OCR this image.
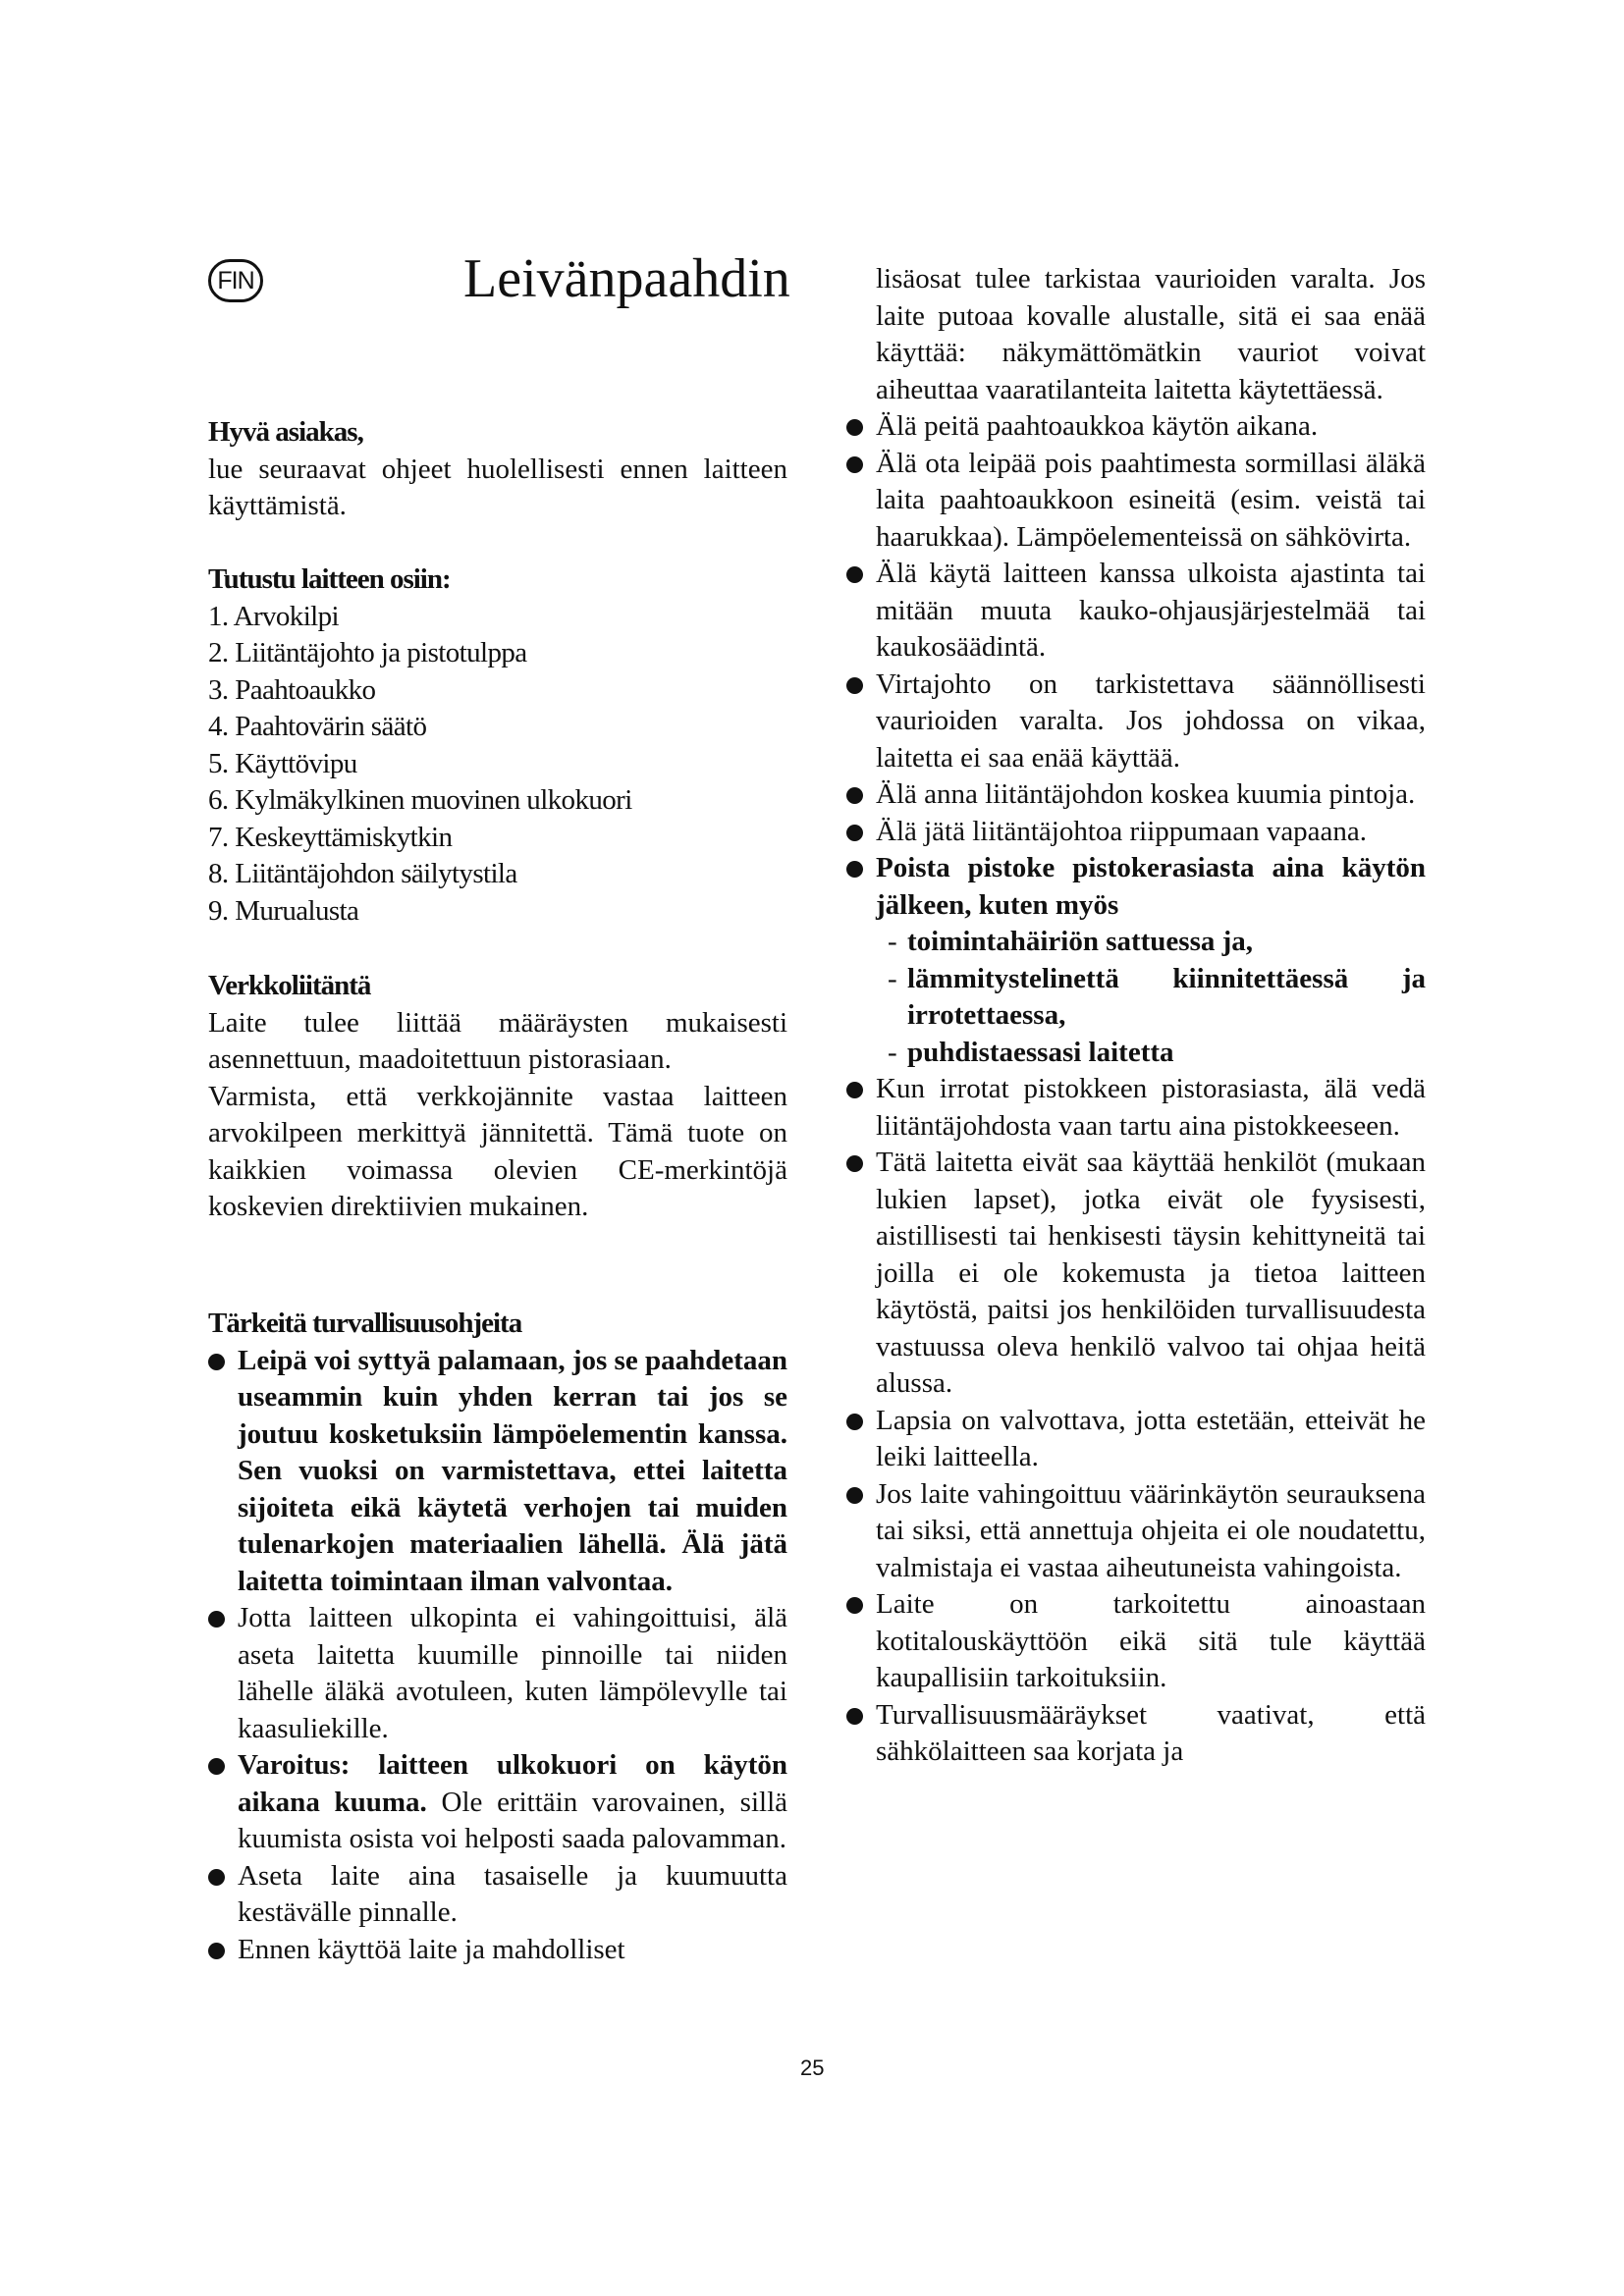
FIN	Leivänpaahdin

Hyvä asiakas,

lue seuraavat ohjeet huolellisesti ennen laitteen käyttämistä.

Tutustu laitteen osiin:

1. Arvokilpi
2. Liitäntäjohto ja pistotulppa
3. Paahtoaukko
4. Paahtovärin säätö
5. Käyttövipu
6. Kylmäkylkinen muovinen ulkokuori
7. Keskeyttämiskytkin
8. Liitäntäjohdon säilytystila
9. Murualusta

Verkkoliitäntä

Laite tulee liittää määräysten mukaisesti asennettuun, maadoitettuun pistorasiaan.

Varmista, että verkkojännite vastaa laitteen arvokilpeen merkittyä jännitettä. Tämä tuote on kaikkien voimassa olevien CE-merkintöjä koskevien direktiivien mukainen.

Tärkeitä turvallisuusohjeita

Leipä voi syttyä palamaan, jos se paahdetaan useammin kuin yhden kerran tai jos se joutuu kosketuksiin lämpöelementin kanssa. Sen vuoksi on varmistettava, ettei laitetta sijoiteta eikä käytetä verhojen tai muiden tulenarkojen materiaalien lähellä. Älä jätä laitetta toimintaan ilman valvontaa.
Jotta laitteen ulkopinta ei vahingoittuisi, älä aseta laitetta kuumille pinnoille tai niiden lähelle äläkä avotuleen, kuten lämpölevylle tai kaasuliekille.
Varoitus: laitteen ulkokuori on käytön aikana kuuma. Ole erittäin varovainen, sillä kuumista osista voi helposti saada palovamman.
Aseta laite aina tasaiselle ja kuumuutta kestävälle pinnalle.
Ennen käyttöä laite ja mahdolliset
lisäosat tulee tarkistaa vaurioiden varalta. Jos laite putoaa kovalle alustalle, sitä ei saa enää käyttää: näkymättömätkin vauriot voivat aiheuttaa vaaratilanteita laitetta käytettäessä.
Älä peitä paahtoaukkoa käytön aikana.
Älä ota leipää pois paahtimesta sormillasi äläkä laita paahtoaukkoon esineitä (esim. veistä tai haarukkaa). Lämpöelementeissä on sähkövirta.
Älä käytä laitteen kanssa ulkoista ajastinta tai mitään muuta kauko-ohjausjärjestelmää tai kaukosäädintä.
Virtajohto on tarkistettava säännöllisesti vaurioiden varalta. Jos johdossa on vikaa, laitetta ei saa enää käyttää.
Älä anna liitäntäjohdon koskea kuumia pintoja.
Älä jätä liitäntäjohtoa riippumaan vapaana.
Poista pistoke pistokerasiasta aina käytön jälkeen, kuten myös
- toimintahäiriön sattuessa ja,
- lämmitystelinettä kiinnitettäessä ja irrotettaessa,
- puhdistaessasi laitetta
Kun irrotat pistokkeen pistorasiasta, älä vedä liitäntäjohdosta vaan tartu aina pistokkeeseen.
Tätä laitetta eivät saa käyttää henkilöt (mukaan lukien lapset), jotka eivät ole fyysisesti, aistillisesti tai henkisesti täysin kehittyneitä tai joilla ei ole kokemusta ja tietoa laitteen käytöstä, paitsi jos henkilöiden turvallisuudesta vastuussa oleva henkilö valvoo tai ohjaa heitä alussa.
Lapsia on valvottava, jotta estetään, etteivät he leiki laitteella.
Jos laite vahingoittuu väärinkäytön seurauksena tai siksi, että annettuja ohjeita ei ole noudatettu, valmistaja ei vastaa aiheutuneista vahingoista.
Laite on tarkoitettu ainoastaan kotitalouskäyttöön eikä sitä tule käyttää kaupallisiin tarkoituksiin.
Turvallisuusmääräykset vaativat, että sähkölaitteen saa korjata ja
25
